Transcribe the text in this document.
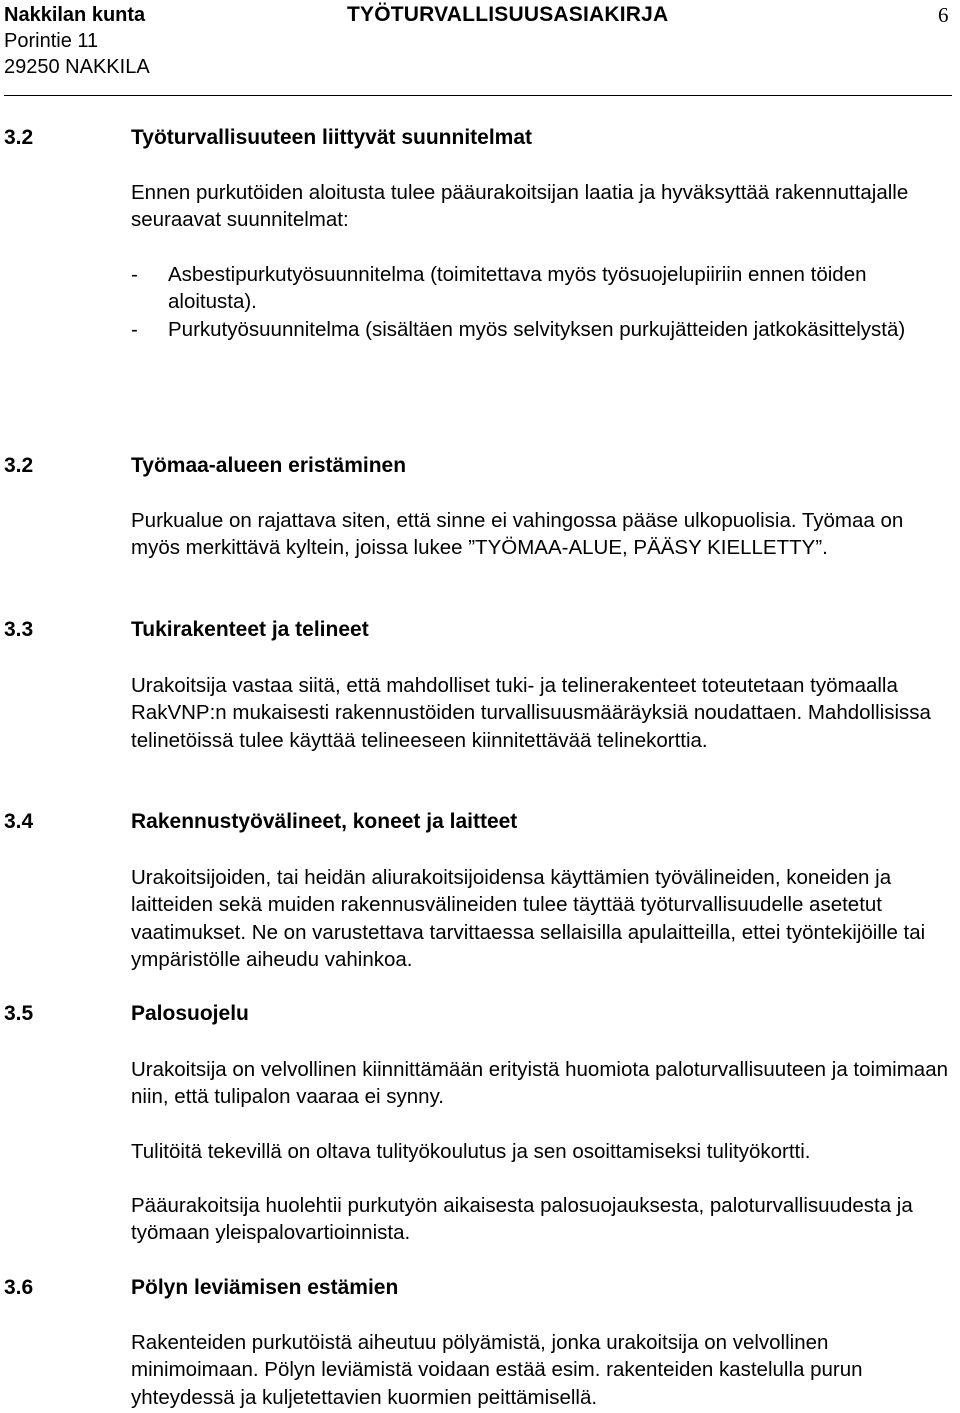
Nakkilan kunta
Porintie 11
29250 NAKKILA
TYÖTURVALLISUUSASIAKIRJA	6
3.2	Työturvallisuuteen liittyvät suunnitelmat
Ennen purkutöiden aloitusta tulee pääurakoitsijan laatia ja hyväksyttää rakennuttajalle seuraavat suunnitelmat:
-	Asbestipurkutyösuunnitelma (toimitettava myös työsuojelupiiriin ennen töiden aloitusta).
-	Purkutyösuunnitelma (sisältäen myös selvityksen purkujätteiden jatkokäsittelystä)
3.2	Työmaa-alueen eristäminen
Purkualue on rajattava siten, että sinne ei vahingossa pääse ulkopuolisia. Työmaa on myös merkittävä kyltein, joissa lukee ”TYÖMAA-ALUE, PÄÄSY KIELLETTY”.
3.3	Tukirakenteet ja telineet
Urakoitsija vastaa siitä, että mahdolliset tuki- ja telinerakenteet toteutetaan työmaalla RakVNP:n mukaisesti rakennustöiden turvallisuusmääräyksiä noudattaen. Mahdollisissa telinetöissä tulee käyttää telineeseen kiinnitettävää telinekorttia.
3.4	Rakennustyövälineet, koneet ja laitteet
Urakoitsijoiden, tai heidän aliurakoitsijoidensa käyttämien työvälineiden, koneiden ja laitteiden sekä muiden rakennusvälineiden tulee täyttää työturvallisuudelle asetetut vaatimukset. Ne on varustettava tarvittaessa sellaisilla apulaitteilla, ettei työntekijöille tai ympäristölle aiheudu vahinkoa.
3.5	Palosuojelu
Urakoitsija on velvollinen kiinnittämään erityistä huomiota paloturvallisuuteen ja toimimaan niin, että tulipalon vaaraa ei synny.
Tulitöitä tekevillä on oltava tulityökoulutus ja sen osoittamiseksi tulityökortti.
Pääurakoitsija huolehtii purkutyön aikaisesta palosuojauksesta, paloturvallisuudesta ja työmaan yleispalovartioinnista.
3.6	Pölyn leviämisen estämien
Rakenteiden purkutöistä aiheutuu pölyämistä, jonka urakoitsija on velvollinen minimoimaan. Pölyn leviämistä voidaan estää esim. rakenteiden kastelulla purun yhteydessä ja kuljetettavien kuormien peittämisellä.
